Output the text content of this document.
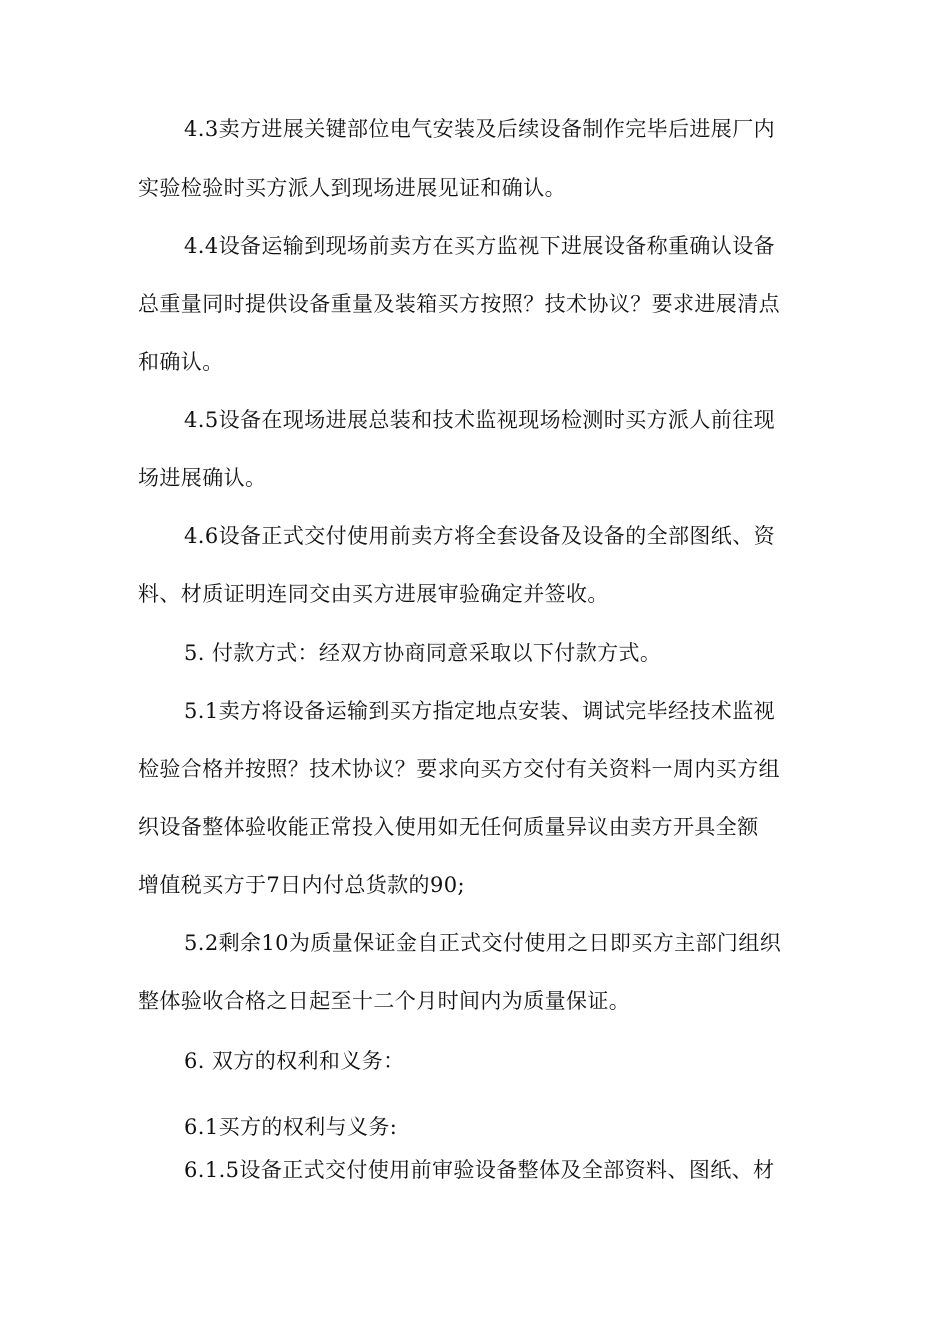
4.3卖方进展关键部位电气安装及后续设备制作完毕后进展厂内
实验检验时买方派人到现场进展见证和确认。
4.4设备运输到现场前卖方在买方监视下进展设备称重确认设备
总重量同时提供设备重量及装箱买方按照？技术协议？要求进展清点
和确认。
4.5设备在现场进展总装和技术监视现场检测时买方派人前往现
场进展确认。
4.6设备正式交付使用前卖方将全套设备及设备的全部图纸、资
料、材质证明连同交由买方进展审验确定并签收。
5. 付款方式：经双方协商同意采取以下付款方式。
5.1卖方将设备运输到买方指定地点安装、调试完毕经技术监视
检验合格并按照？技术协议？要求向买方交付有关资料一周内买方组
织设备整体验收能正常投入使用如无任何质量异议由卖方开具全额
增值税买方于7日内付总货款的90;
5.2剩余10为质量保证金自正式交付使用之日即买方主部门组织
整体验收合格之日起至十二个月时间内为质量保证。
6. 双方的权利和义务：
6.1买方的权利与义务:
6.1.5设备正式交付使用前审验设备整体及全部资料、图纸、材
